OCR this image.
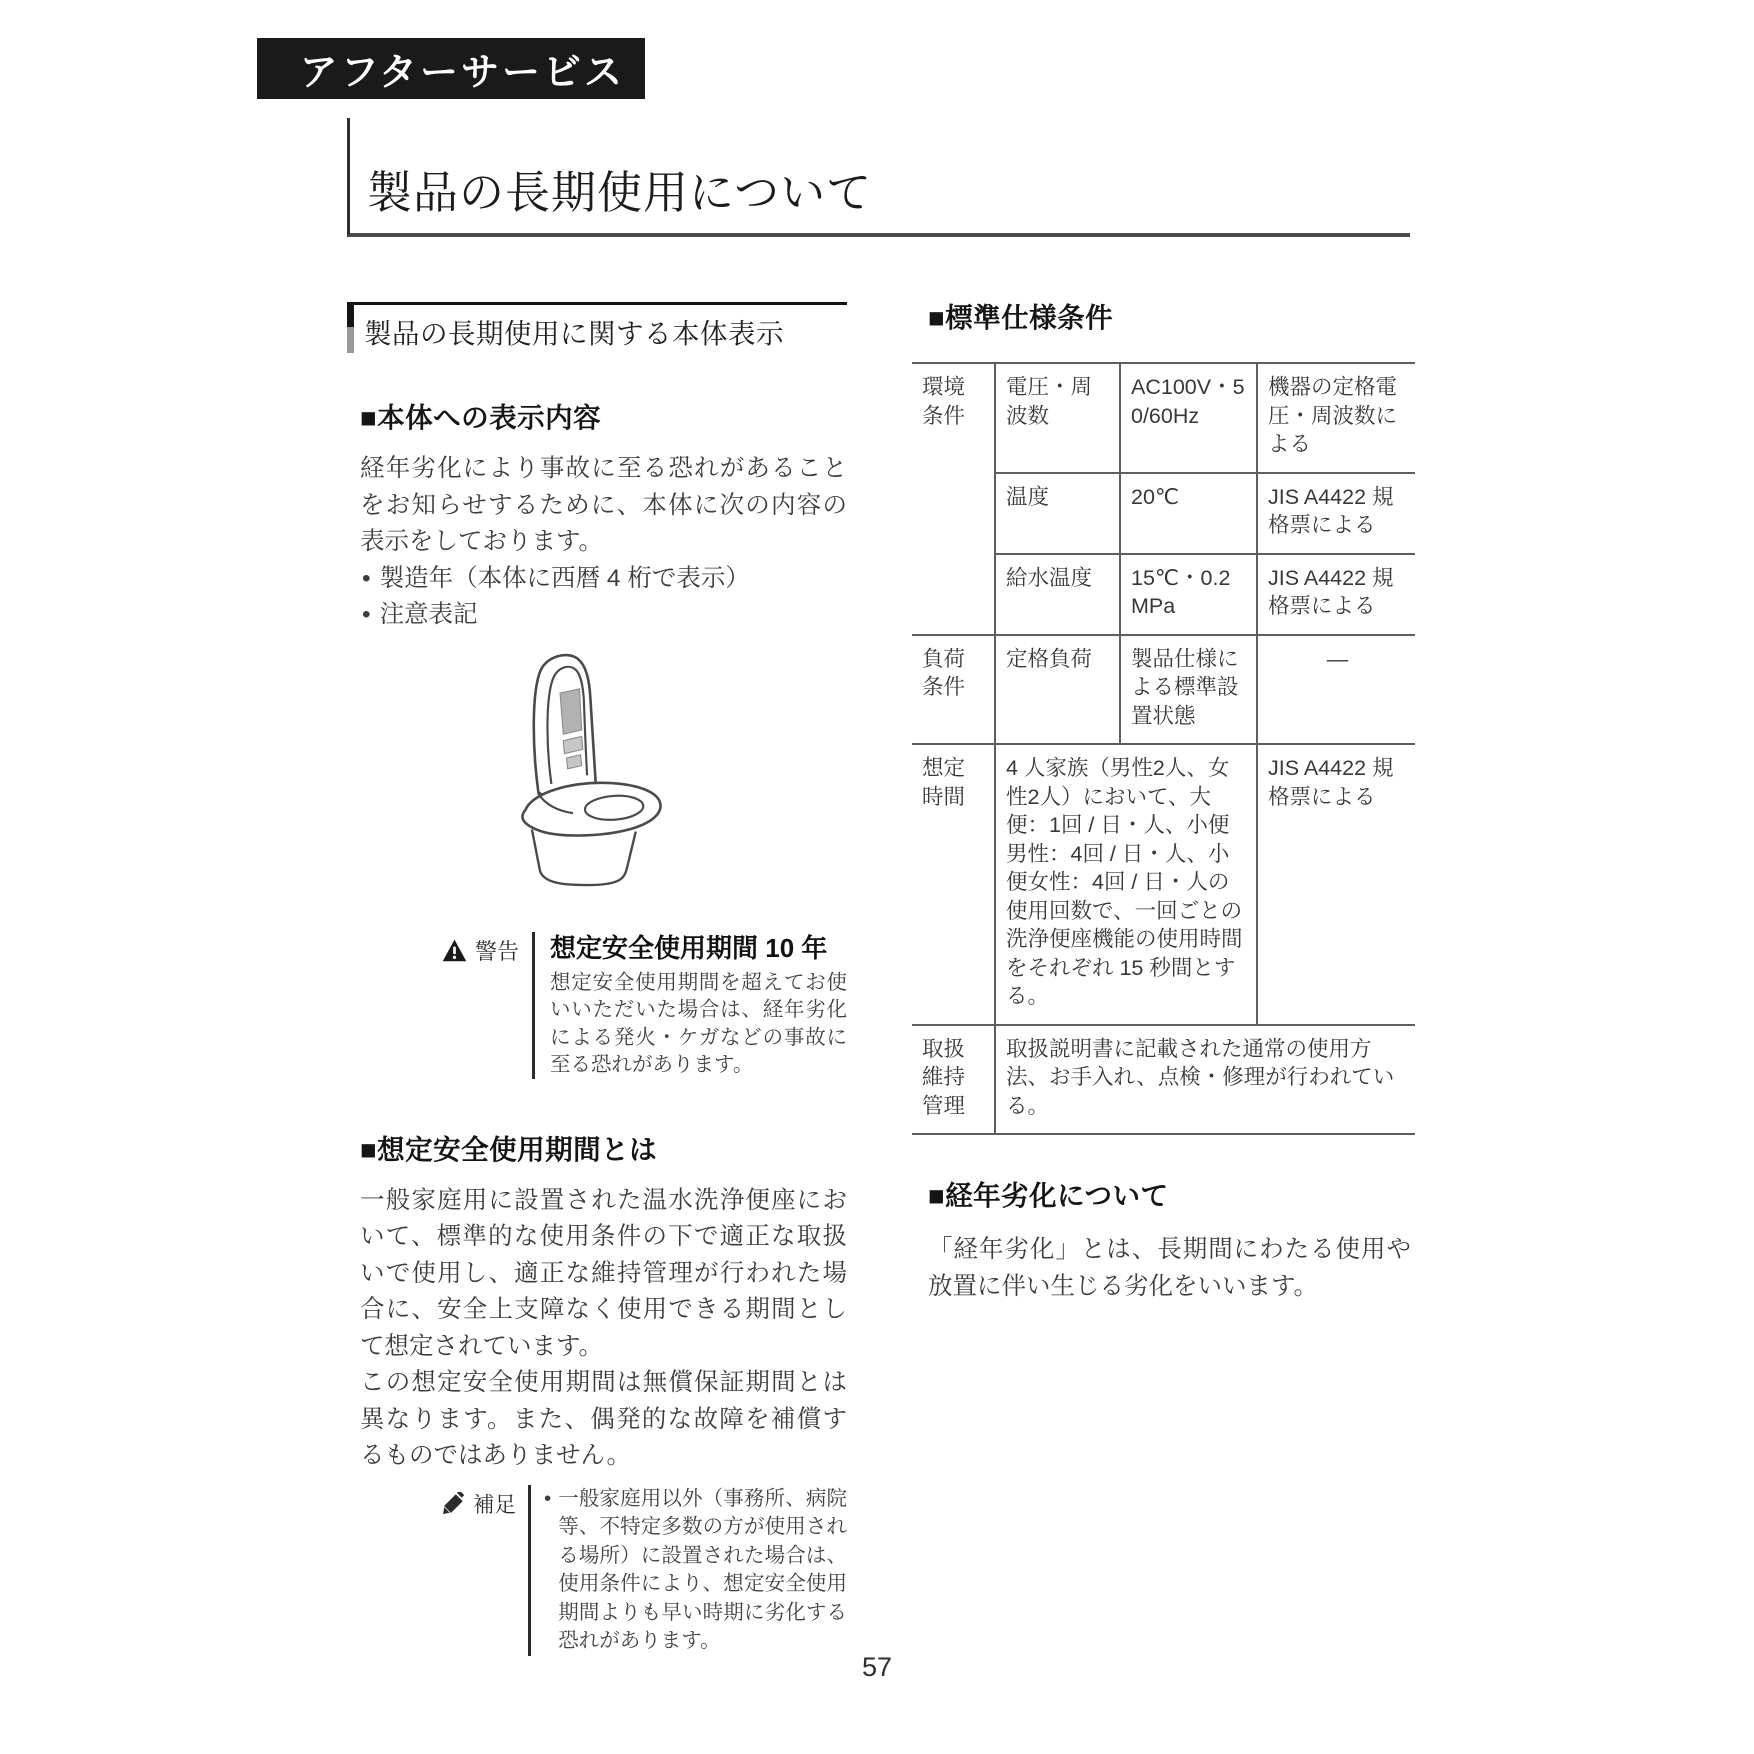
アフターサービス
製品の長期使用について
製品の長期使用に関する本体表示
■本体への表示内容

経年劣化により事故に至る恐れがあることをお知らせするために、本体に次の内容の表示をしております。

• 製造年（本体に西暦 4 桁で表示）
• 注意表記
警告 想定安全使用期間 10 年
想定安全使用期間を超えてお使いいただいた場合は、経年劣化による発火・ケガなどの事故に至る恐れがあります。
■想定安全使用期間とは

一般家庭用に設置された温水洗浄便座において、標準的な使用条件の下で適正な取扱いで使用し、適正な維持管理が行われた場合に、安全上支障なく使用できる期間として想定されています。

この想定安全使用期間は無償保証期間とは異なります。また、偶発的な故障を補償するものではありません。

補足 • 一般家庭用以外（事務所、病院等、不特定多数の方が使用される場所）に設置された場合は、使用条件により、想定安全使用期間よりも早い時期に劣化する恐れがあります。
■標準仕様条件
環境条件	電圧・周波数	AC100V・50/60Hz	機器の定格電圧・周波数による
	温度	20℃	JIS A4422 規格票による
	給水温度	15℃・0.2MPa	JIS A4422 規格票による
負荷条件	定格負荷	製品仕様による標準設置状態	—
想定時間	4 人家族（男性2人、女性2人）において、大便：1回 / 日・人、小便男性：4回 / 日・人、小便女性：4回 / 日・人の使用回数で、一回ごとの洗浄便座機能の使用時間をそれぞれ 15 秒間とする。		JIS A4422 規格票による
取扱維持管理	取扱説明書に記載された通常の使用方法、お手入れ、点検・修理が行われている。		
■経年劣化について

「経年劣化」とは、長期間にわたる使用や放置に伴い生じる劣化をいいます。

57
